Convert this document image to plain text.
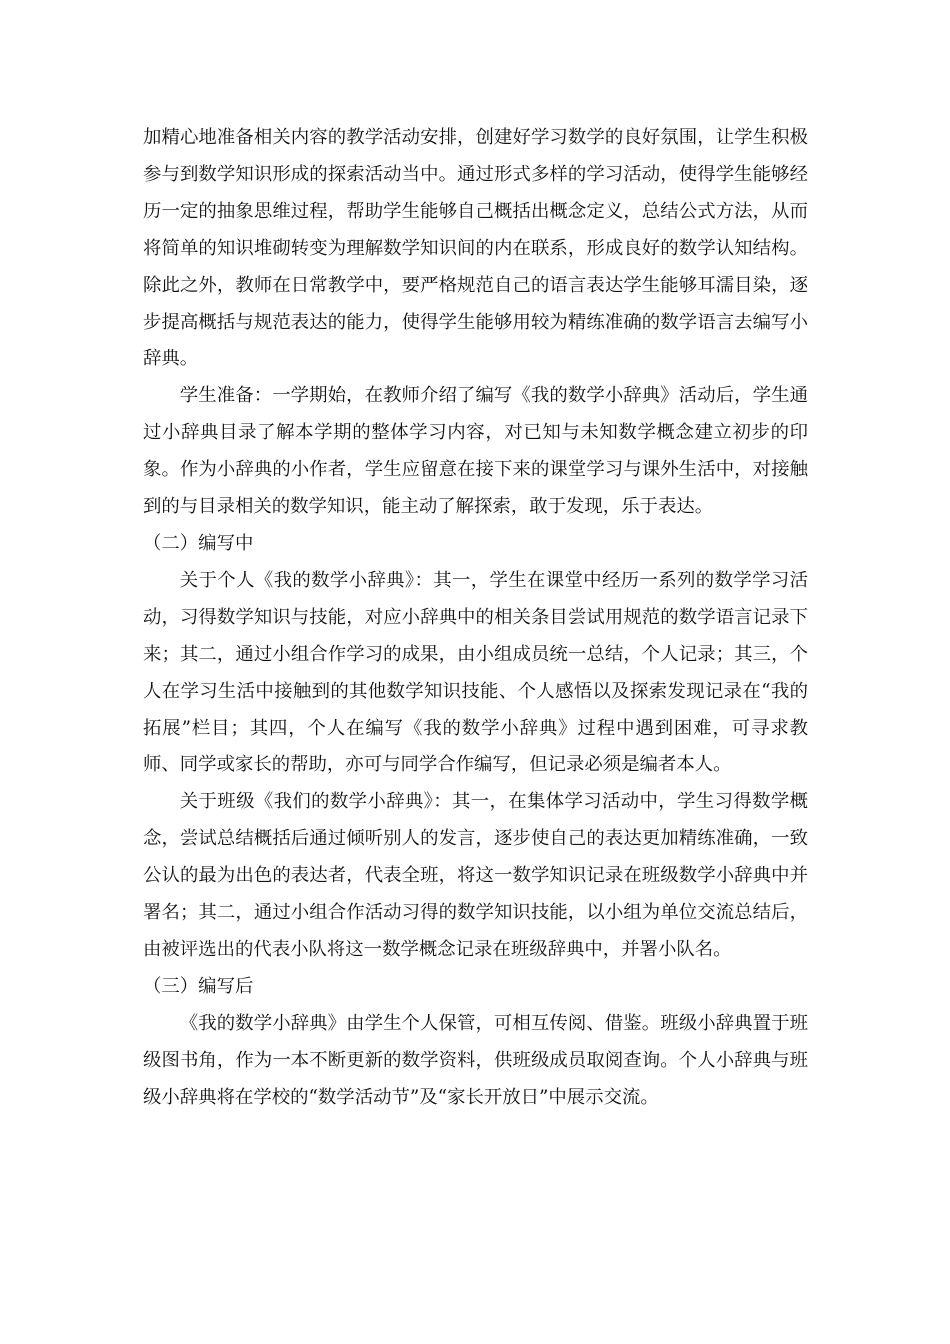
加精心地准备相关内容的教学活动安排，创建好学习数学的良好氛围，让学生积极参与到数学知识形成的探索活动当中。通过形式多样的学习活动，使得学生能够经历一定的抽象思维过程，帮助学生能够自己概括出概念定义，总结公式方法，从而将简单的知识堆砌转变为理解数学知识间的内在联系，形成良好的数学认知结构。除此之外，教师在日常教学中，要严格规范自己的语言表达学生能够耳濡目染，逐步提高概括与规范表达的能力，使得学生能够用较为精练准确的数学语言去编写小辞典。

学生准备：一学期始，在教师介绍了编写《我的数学小辞典》活动后，学生通过小辞典目录了解本学期的整体学习内容，对已知与未知数学概念建立初步的印象。作为小辞典的小作者，学生应留意在接下来的课堂学习与课外生活中，对接触到的与目录相关的数学知识，能主动了解探索，敢于发现，乐于表达。

（二）编写中

关于个人《我的数学小辞典》：其一，学生在课堂中经历一系列的数学学习活动，习得数学知识与技能，对应小辞典中的相关条目尝试用规范的数学语言记录下来；其二，通过小组合作学习的成果，由小组成员统一总结，个人记录；其三，个人在学习生活中接触到的其他数学知识技能、个人感悟以及探索发现记录在“我的拓展”栏目；其四，个人在编写《我的数学小辞典》过程中遇到困难，可寻求教师、同学或家长的帮助，亦可与同学合作编写，但记录必须是编者本人。

关于班级《我们的数学小辞典》：其一，在集体学习活动中，学生习得数学概念，尝试总结概括后通过倾听别人的发言，逐步使自己的表达更加精练准确，一致公认的最为出色的表达者，代表全班，将这一数学知识记录在班级数学小辞典中并署名；其二，通过小组合作活动习得的数学知识技能，以小组为单位交流总结后，由被评选出的代表小队将这一数学概念记录在班级辞典中，并署小队名。

（三）编写后

《我的数学小辞典》由学生个人保管，可相互传阅、借鉴。班级小辞典置于班级图书角，作为一本不断更新的数学资料，供班级成员取阅查询。个人小辞典与班级小辞典将在学校的“数学活动节”及“家长开放日”中展示交流。
